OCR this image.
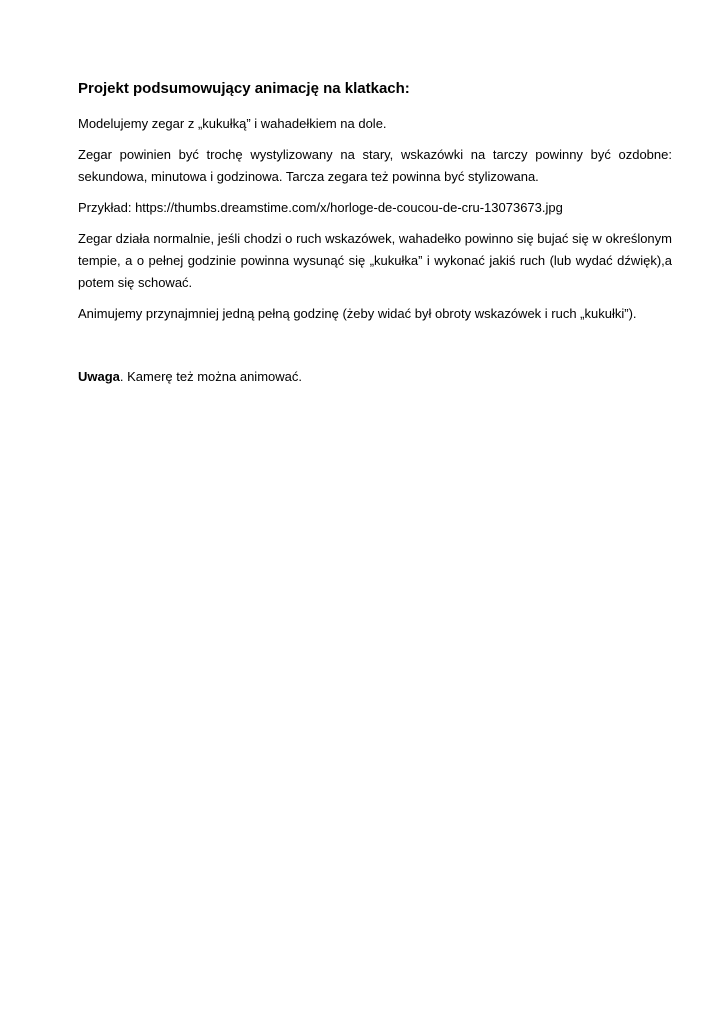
Projekt podsumowujący animację na klatkach:

Modelujemy zegar z „kukułką” i wahadełkiem na dole.

Zegar powinien być trochę wystylizowany na stary, wskazówki na tarczy powinny być ozdobne: sekundowa, minutowa i godzinowa. Tarcza zegara też powinna być stylizowana.

Przykład: https://thumbs.dreamstime.com/x/horloge-de-coucou-de-cru-13073673.jpg

Zegar działa normalnie, jeśli chodzi o ruch wskazówek, wahadełko powinno się bujać się w określonym tempie, a o pełnej godzinie powinna wysunąć się „kukułka” i wykonać jakiś ruch (lub wydać dźwięk),a potem się schować.

Animujemy przynajmniej jedną pełną godzinę (żeby widać był obroty wskazówek i ruch „kukułki”).

Uwaga. Kamerę też można animować.
